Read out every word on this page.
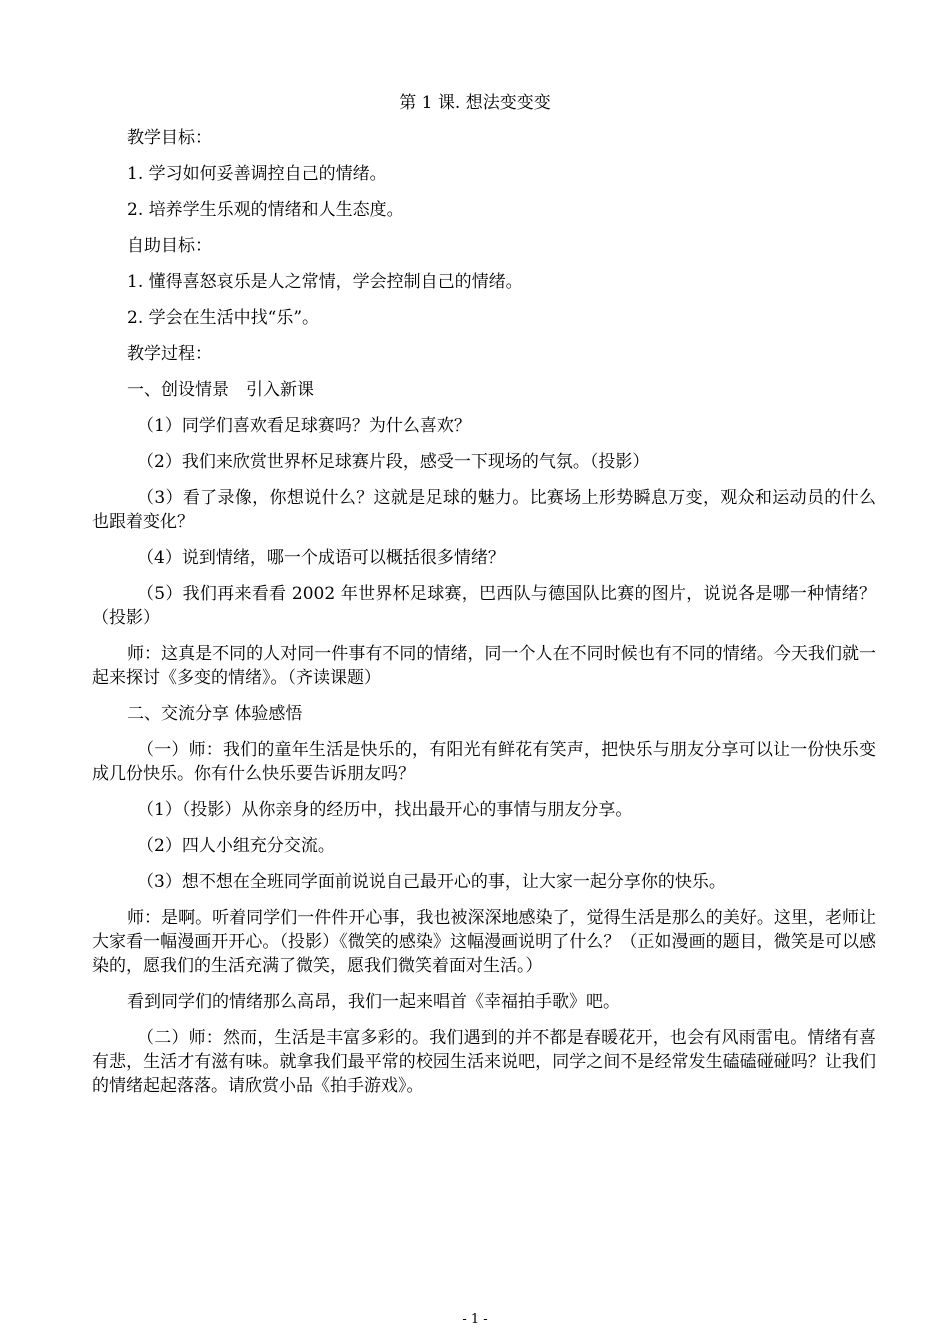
第 1 课. 想法变变变

教学目标：

1. 学习如何妥善调控自己的情绪。

2. 培养学生乐观的情绪和人生态度。

自助目标：

1. 懂得喜怒哀乐是人之常情，学会控制自己的情绪。

2. 学会在生活中找“乐”。

教学过程：

一、创设情景　引入新课

（1）同学们喜欢看足球赛吗？为什么喜欢？

（2）我们来欣赏世界杯足球赛片段，感受一下现场的气氛。（投影）

（3）看了录像，你想说什么？这就是足球的魅力。比赛场上形势瞬息万变，观众和运动员的什么也跟着变化？

（4）说到情绪，哪一个成语可以概括很多情绪？

（5）我们再来看看 2002 年世界杯足球赛，巴西队与德国队比赛的图片，说说各是哪一种情绪？（投影）

师：这真是不同的人对同一件事有不同的情绪，同一个人在不同时候也有不同的情绪。今天我们就一起来探讨《多变的情绪》。（齐读课题）

二、交流分享 体验感悟

（一）师：我们的童年生活是快乐的，有阳光有鲜花有笑声，把快乐与朋友分享可以让一份快乐变成几份快乐。你有什么快乐要告诉朋友吗？

（1）（投影）从你亲身的经历中，找出最开心的事情与朋友分享。

（2）四人小组充分交流。

（3）想不想在全班同学面前说说自己最开心的事，让大家一起分享你的快乐。

师：是啊。听着同学们一件件开心事，我也被深深地感染了，觉得生活是那么的美好。这里，老师让大家看一幅漫画开开心。（投影）《微笑的感染》这幅漫画说明了什么？（正如漫画的题目，微笑是可以感染的，愿我们的生活充满了微笑，愿我们微笑着面对生活。）

看到同学们的情绪那么高昂，我们一起来唱首《幸福拍手歌》吧。

（二）师：然而，生活是丰富多彩的。我们遇到的并不都是春暖花开，也会有风雨雷电。情绪有喜有悲，生活才有滋有味。就拿我们最平常的校园生活来说吧，同学之间不是经常发生磕磕碰碰吗？让我们的情绪起起落落。请欣赏小品《拍手游戏》。

- 1 -
